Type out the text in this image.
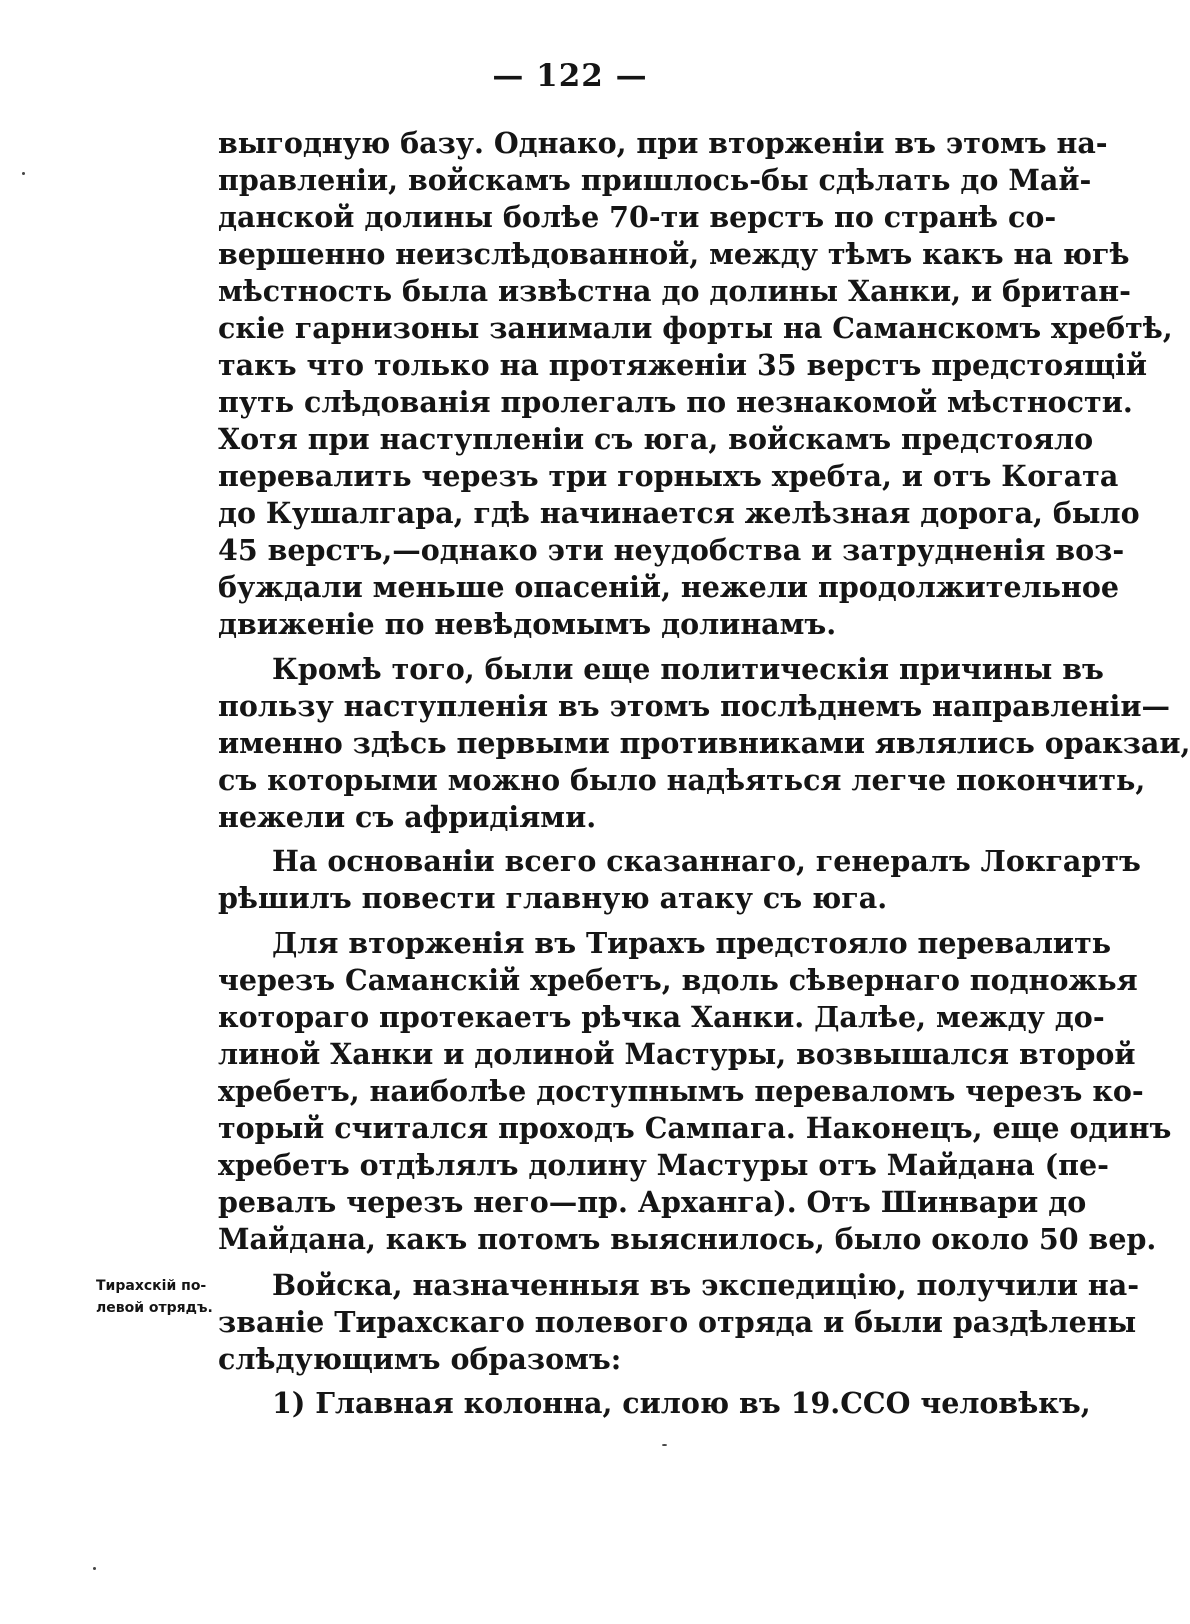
— 122 —
выгодную базу. Однако, при вторженіи въ этомъ на-
правленіи, войскамъ пришлось-бы сдѣлать до Май-
данской долины болѣе 70-ти верстъ по странѣ со-
вершенно неизслѣдованной, между тѣмъ какъ на югѣ
мѣстность была извѣстна до долины Ханки, и британ-
скіе гарнизоны занимали форты на Саманскомъ хребтѣ,
такъ что только на протяженіи 35 верстъ предстоящій
путь слѣдованія пролегалъ по незнакомой мѣстности.
Хотя при наступленіи съ юга, войскамъ предстояло
перевалить черезъ три горныхъ хребта, и отъ Когата
до Кушалгара, гдѣ начинается желѣзная дорога, было
45 верстъ,—однако эти неудобства и затрудненія воз-
буждали меньше опасеній, нежели продолжительное
движеніе по невѣдомымъ долинамъ.
Кромѣ того, были еще политическія причины въ
пользу наступленія въ этомъ послѣднемъ направленіи—
именно здѣсь первыми противниками являлись оракзаи,
съ которыми можно было надѣяться легче покончить,
нежели съ афридіями.
На основаніи всего сказаннаго, генералъ Локгартъ
рѣшилъ повести главную атаку съ юга.
Для вторженія въ Тирахъ предстояло перевалить
черезъ Саманскій хребетъ, вдоль сѣвернаго подножья
котораго протекаетъ рѣчка Ханки. Далѣе, между до-
линой Ханки и долиной Мастуры, возвышался второй
хребетъ, наиболѣе доступнымъ переваломъ черезъ ко-
торый считался проходъ Сампага. Наконецъ, еще одинъ
хребетъ отдѣлялъ долину Мастуры отъ Майдана (пе-
ревалъ черезъ него—пр. Арханга). Отъ Шинвари до
Майдана, какъ потомъ выяснилось, было около 50 вер.
Войска, назначенныя въ экспедицію, получили на-
званіе Тирахскаго полевого отряда и были раздѣлены
слѣдующимъ образомъ:
1) Главная колонна, силою въ 19.ССО человѣкъ,
Тирахскій по-
левой отрядъ.
